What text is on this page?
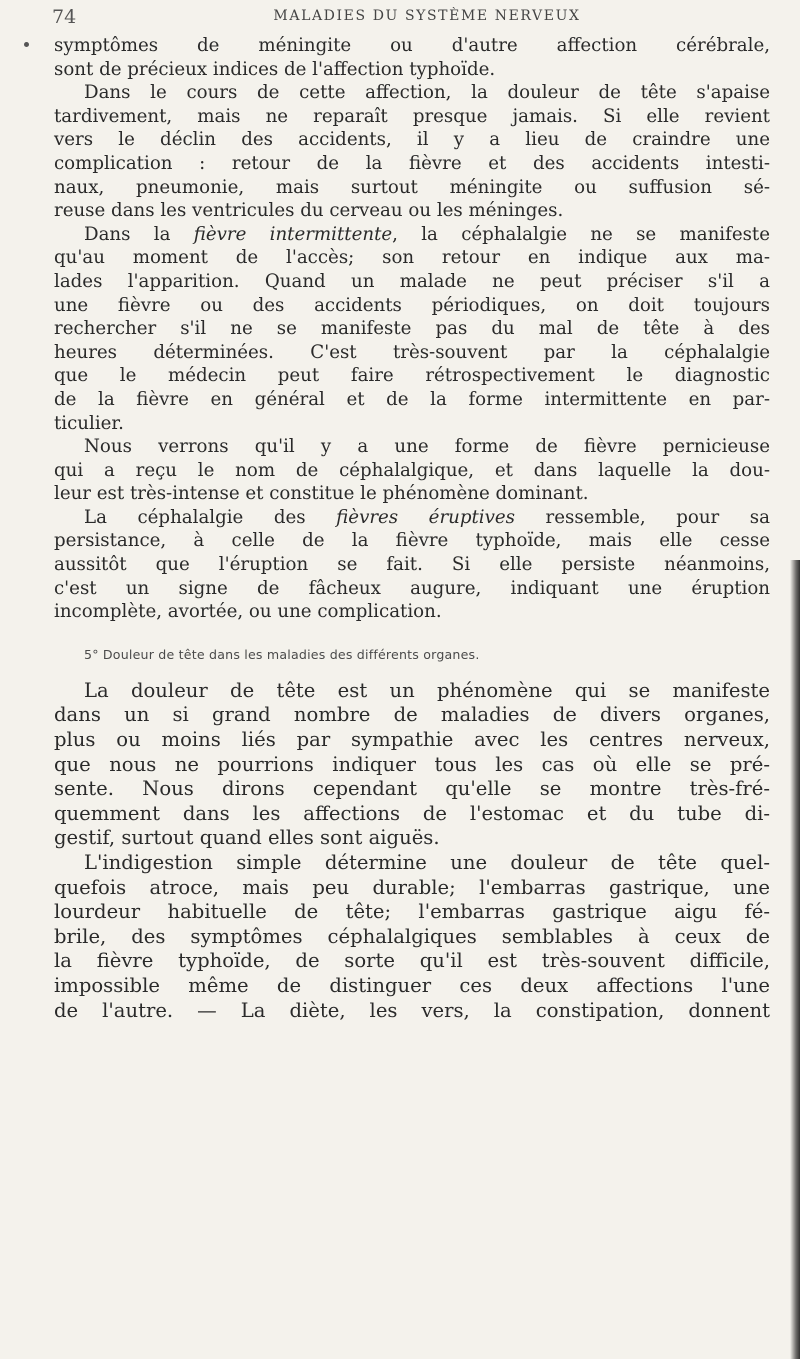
74	MALADIES DU SYSTÈME NERVEUX
symptômes de méningite ou d'autre affection cérébrale,
sont de précieux indices de l'affection typhoïde.
Dans le cours de cette affection, la douleur de tête s'apaise
tardivement, mais ne reparaît presque jamais. Si elle revient
vers le déclin des accidents, il y a lieu de craindre une
complication : retour de la fièvre et des accidents intesti-
naux, pneumonie, mais surtout méningite ou suffusion sé-
reuse dans les ventricules du cerveau ou les méninges.
Dans la fièvre intermittente, la céphalalgie ne se manifeste
qu'au moment de l'accès; son retour en indique aux ma-
lades l'apparition. Quand un malade ne peut préciser s'il a
une fièvre ou des accidents périodiques, on doit toujours
rechercher s'il ne se manifeste pas du mal de tête à des
heures déterminées. C'est très-souvent par la céphalalgie
que le médecin peut faire rétrospectivement le diagnostic
de la fièvre en général et de la forme intermittente en par-
ticulier.
Nous verrons qu'il y a une forme de fièvre pernicieuse
qui a reçu le nom de céphalalgique, et dans laquelle la dou-
leur est très-intense et constitue le phénomène dominant.
La céphalalgie des fièvres éruptives ressemble, pour sa
persistance, à celle de la fièvre typhoïde, mais elle cesse
aussitôt que l'éruption se fait. Si elle persiste néanmoins,
c'est un signe de fâcheux augure, indiquant une éruption
incomplète, avortée, ou une complication.
5° Douleur de tête dans les maladies des différents organes.
La douleur de tête est un phénomène qui se manifeste
dans un si grand nombre de maladies de divers organes,
plus ou moins liés par sympathie avec les centres nerveux,
que nous ne pourrions indiquer tous les cas où elle se pré-
sente. Nous dirons cependant qu'elle se montre très-fré-
quemment dans les affections de l'estomac et du tube di-
gestif, surtout quand elles sont aiguës.
L'indigestion simple détermine une douleur de tête quel-
quefois atroce, mais peu durable; l'embarras gastrique, une
lourdeur habituelle de tête; l'embarras gastrique aigu fé-
brile, des symptômes céphalalgiques semblables à ceux de
la fièvre typhoïde, de sorte qu'il est très-souvent difficile,
impossible même de distinguer ces deux affections l'une
de l'autre. — La diète, les vers, la constipation, donnent
